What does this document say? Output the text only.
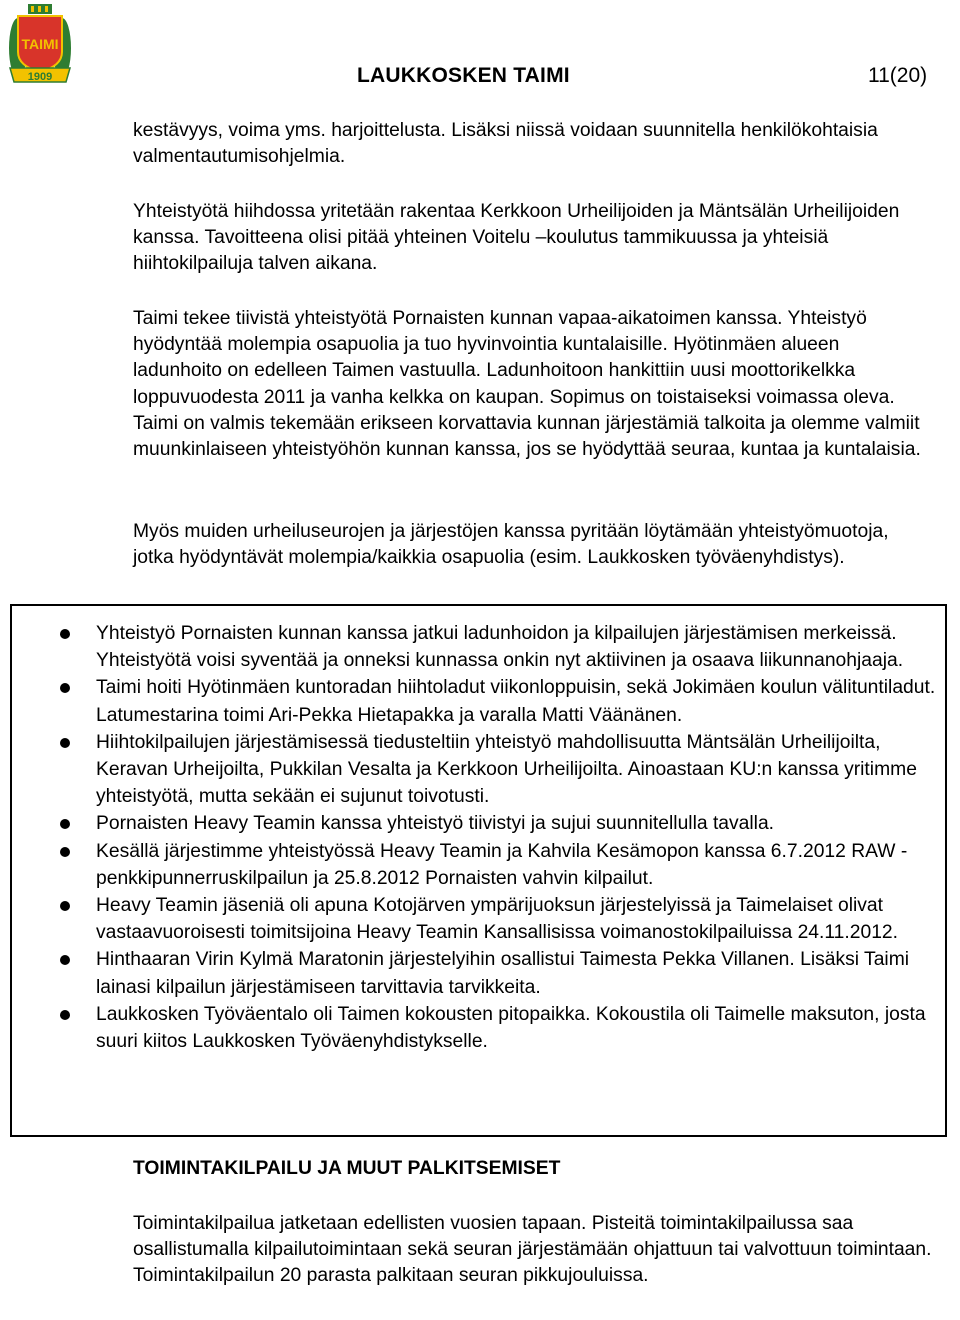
TAIMI
1909	LAUKKOSKEN TAIMI	11(20)

kestävyys, voima yms. harjoittelusta. Lisäksi niissä voidaan suunnitella henkilökohtaisia valmentautumisohjelmia.

Yhteistyötä hiihdossa yritetään rakentaa Kerkkoon Urheilijoiden ja Mäntsälän Urheilijoiden kanssa. Tavoitteena olisi pitää yhteinen Voitelu –koulutus tammikuussa ja yhteisiä hiihtokilpailuja talven aikana.

Taimi tekee tiivistä yhteistyötä Pornaisten kunnan vapaa-aikatoimen kanssa. Yhteistyö hyödyntää molempia osapuolia ja tuo hyvinvointia kuntalaisille. Hyötinmäen alueen ladunhoito on edelleen Taimen vastuulla. Ladunhoitoon hankittiin uusi moottorikelkka loppuvuodesta 2011 ja vanha kelkka on kaupan. Sopimus on toistaiseksi voimassa oleva. Taimi on valmis tekemään erikseen korvattavia kunnan järjestämiä talkoita ja olemme valmiit muunkinlaiseen yhteistyöhön kunnan kanssa, jos se hyödyttää seuraa, kuntaa ja kuntalaisia.

Myös muiden urheiluseurojen ja järjestöjen kanssa pyritään löytämään yhteistyömuotoja, jotka hyödyntävät molempia/kaikkia osapuolia (esim. Laukkosken työväenyhdistys).

Yhteistyö Pornaisten kunnan kanssa jatkui ladunhoidon ja kilpailujen järjestämisen merkeissä. Yhteistyötä voisi syventää ja onneksi kunnassa onkin nyt aktiivinen ja osaava liikunnanohjaaja.
Taimi hoiti Hyötinmäen kuntoradan hiihtoladut viikonloppuisin, sekä Jokimäen koulun välituntiladut. Latumestarina toimi Ari-Pekka Hietapakka ja varalla Matti Väänänen.
Hiihtokilpailujen järjestämisessä tiedusteltiin yhteistyö mahdollisuutta Mäntsälän Urheilijoilta, Keravan Urheijoilta, Pukkilan Vesalta ja Kerkkoon Urheilijoilta. Ainoastaan KU:n kanssa yritimme yhteistyötä, mutta sekään ei sujunut toivotusti.
Pornaisten Heavy Teamin kanssa yhteistyö tiivistyi ja sujui suunnitellulla tavalla.
Kesällä järjestimme yhteistyössä Heavy Teamin ja Kahvila Kesämopon kanssa 6.7.2012 RAW -penkkipunnerruskilpailun ja 25.8.2012 Pornaisten vahvin kilpailut.
Heavy Teamin jäseniä oli apuna Kotojärven ympärijuoksun järjestelyissä ja Taimelaiset olivat vastaavuoroisesti toimitsijoina Heavy Teamin Kansallisissa voimanostokilpailuissa 24.11.2012.
Hinthaaran Virin Kylmä Maratonin järjestelyihin osallistui Taimesta Pekka Villanen. Lisäksi Taimi lainasi kilpailun järjestämiseen tarvittavia tarvikkeita.
Laukkosken Työväentalo oli Taimen kokousten pitopaikka. Kokoustila oli Taimelle maksuton, josta suuri kiitos Laukkosken Työväenyhdistykselle.
TOIMINTAKILPAILU JA MUUT PALKITSEMISET

Toimintakilpailua jatketaan edellisten vuosien tapaan. Pisteitä toimintakilpailussa saa osallistumalla kilpailutoimintaan sekä seuran järjestämään ohjattuun tai valvottuun toimintaan. Toimintakilpailun 20 parasta palkitaan seuran pikkujouluissa.
